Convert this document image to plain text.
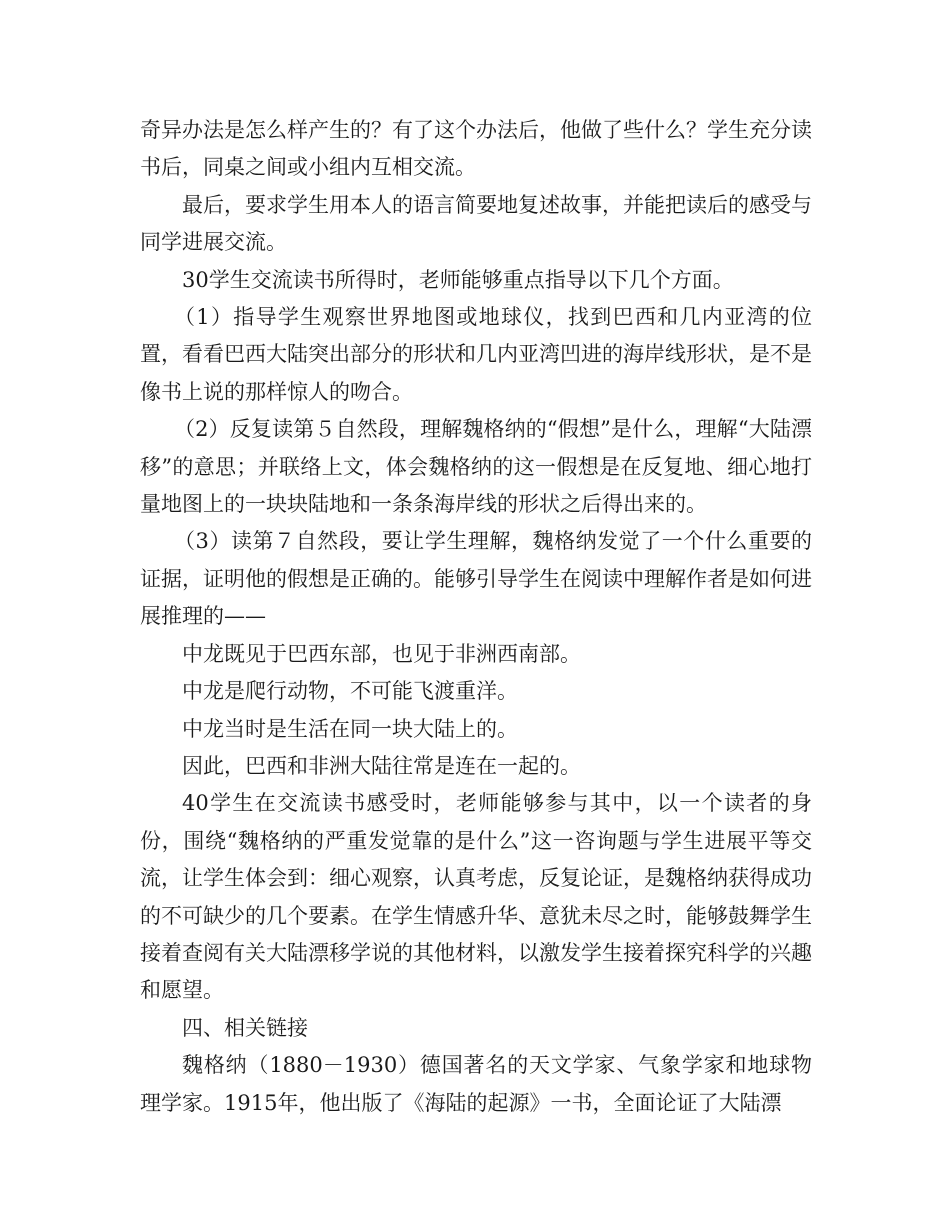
奇异办法是怎么样产生的？有了这个办法后，他做了些什么？学生充分读书后，同桌之间或小组内互相交流。

最后，要求学生用本人的语言简要地复述故事，并能把读后的感受与同学进展交流。

30学生交流读书所得时，老师能够重点指导以下几个方面。

（1）指导学生观察世界地图或地球仪，找到巴西和几内亚湾的位置，看看巴西大陆突出部分的形状和几内亚湾凹进的海岸线形状，是不是像书上说的那样惊人的吻合。

（2）反复读第５自然段，理解魏格纳的“假想”是什么，理解“大陆漂移”的意思；并联络上文，体会魏格纳的这一假想是在反复地、细心地打量地图上的一块块陆地和一条条海岸线的形状之后得出来的。

（3）读第７自然段，要让学生理解，魏格纳发觉了一个什么重要的证据，证明他的假想是正确的。能够引导学生在阅读中理解作者是如何进展推理的——

中龙既见于巴西东部，也见于非洲西南部。

中龙是爬行动物，不可能飞渡重洋。

中龙当时是生活在同一块大陆上的。

因此，巴西和非洲大陆往常是连在一起的。

40学生在交流读书感受时，老师能够参与其中，以一个读者的身份，围绕“魏格纳的严重发觉靠的是什么”这一咨询题与学生进展平等交流，让学生体会到：细心观察，认真考虑，反复论证，是魏格纳获得成功的不可缺少的几个要素。在学生情感升华、意犹未尽之时，能够鼓舞学生接着查阅有关大陆漂移学说的其他材料，以激发学生接着探究科学的兴趣和愿望。

四、相关链接

魏格纳（1880－1930）德国著名的天文学家、气象学家和地球物理学家。1915年，他出版了《海陆的起源》一书，全面论证了大陆漂
